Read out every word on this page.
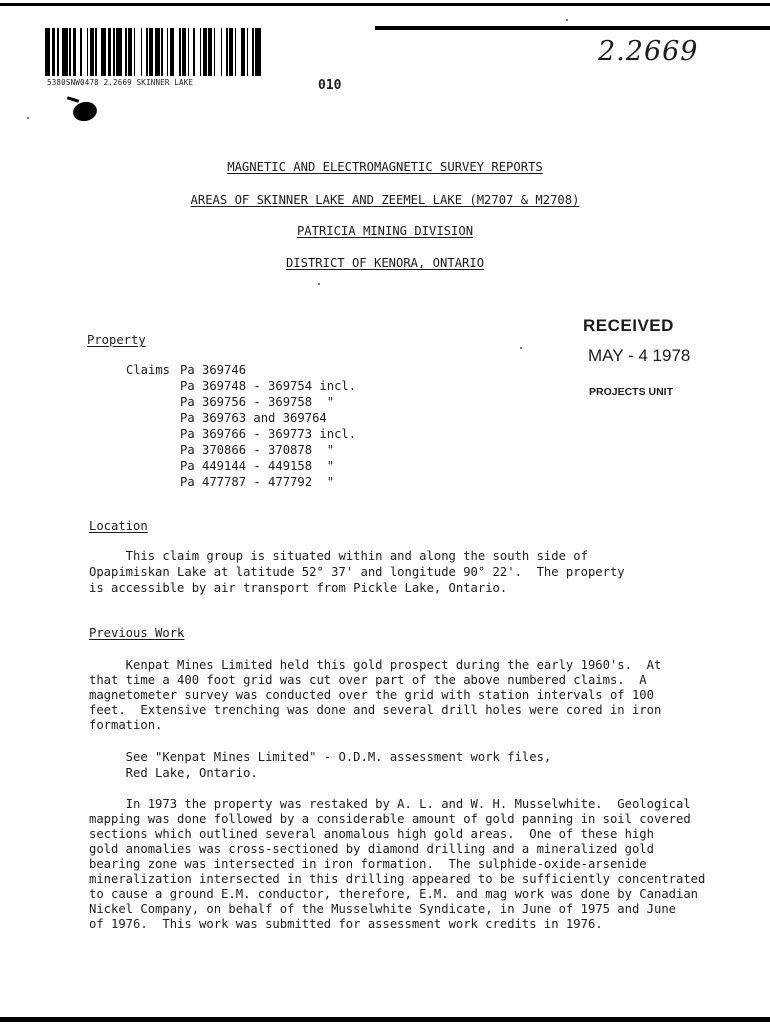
5380SNW0478 2.2669 SKINNER LAKE	010
2.2669
MAGNETIC AND ELECTROMAGNETIC SURVEY REPORTS
AREAS OF SKINNER LAKE AND ZEEMEL LAKE (M2707 & M2708)
PATRICIA MINING DIVISION
DISTRICT OF KENORA, ONTARIO
RECEIVED
MAY - 4 1978
PROJECTS UNIT
Property
Claims Pa 369746
Pa 369748 - 369754 incl.
Pa 369756 - 369758  "
Pa 369763 and 369764
Pa 369766 - 369773 incl.
Pa 370866 - 370878  "
Pa 449144 - 449158  "
Pa 477787 - 477792  "
Location
This claim group is situated within and along the south side of
Opapimiskan Lake at latitude 52° 37' and longitude 90° 22'.  The property
is accessible by air transport from Pickle Lake, Ontario.
Previous Work
Kenpat Mines Limited held this gold prospect during the early 1960's.  At
that time a 400 foot grid was cut over part of the above numbered claims.  A
magnetometer survey was conducted over the grid with station intervals of 100
feet.  Extensive trenching was done and several drill holes were cored in iron
formation.
See "Kenpat Mines Limited" - O.D.M. assessment work files,
Red Lake, Ontario.
In 1973 the property was restaked by A. L. and W. H. Musselwhite.  Geological
mapping was done followed by a considerable amount of gold panning in soil covered
sections which outlined several anomalous high gold areas.  One of these high
gold anomalies was cross-sectioned by diamond drilling and a mineralized gold
bearing zone was intersected in iron formation.  The sulphide-oxide-arsenide
mineralization intersected in this drilling appeared to be sufficiently concentrated
to cause a ground E.M. conductor, therefore, E.M. and mag work was done by Canadian
Nickel Company, on behalf of the Musselwhite Syndicate, in June of 1975 and June
of 1976.  This work was submitted for assessment work credits in 1976.
